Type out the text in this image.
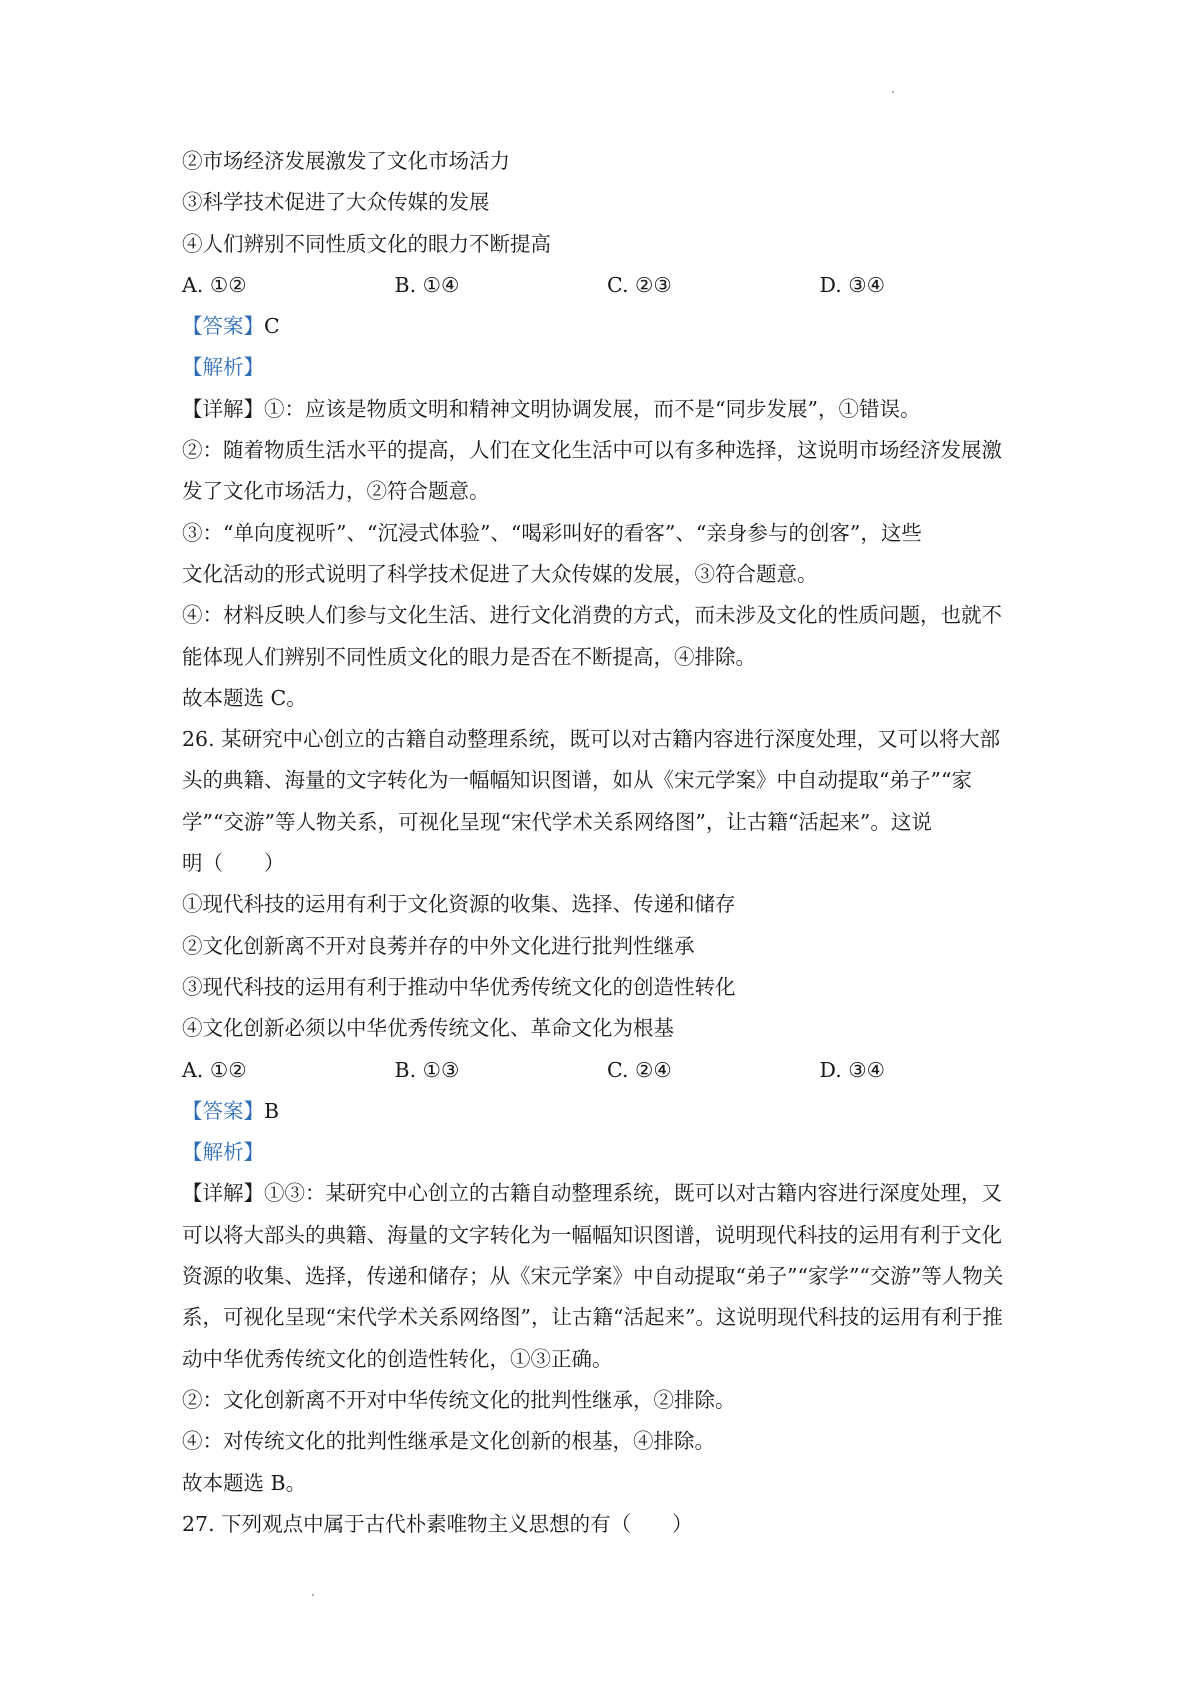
②市场经济发展激发了文化市场活力
③科学技术促进了大众传媒的发展
④人们辨别不同性质文化的眼力不断提高
A. ①②	B. ①④	C. ②③	D. ③④
【答案】C
【解析】
【详解】①：应该是物质文明和精神文明协调发展，而不是“同步发展”，①错误。
②：随着物质生活水平的提高，人们在文化生活中可以有多种选择，这说明市场经济发展激
发了文化市场活力，②符合题意。
③：“单向度视听”、“沉浸式体验”、“喝彩叫好的看客”、“亲身参与的创客”，这些
文化活动的形式说明了科学技术促进了大众传媒的发展，③符合题意。
④：材料反映人们参与文化生活、进行文化消费的方式，而未涉及文化的性质问题，也就不
能体现人们辨别不同性质文化的眼力是否在不断提高，④排除。
故本题选 C。
26. 某研究中心创立的古籍自动整理系统，既可以对古籍内容进行深度处理，又可以将大部
头的典籍、海量的文字转化为一幅幅知识图谱，如从《宋元学案》中自动提取“弟子”“家
学”“交游”等人物关系，可视化呈现“宋代学术关系网络图”，让古籍“活起来”。这说
明（　　）
①现代科技的运用有利于文化资源的收集、选择、传递和储存
②文化创新离不开对良莠并存的中外文化进行批判性继承
③现代科技的运用有利于推动中华优秀传统文化的创造性转化
④文化创新必须以中华优秀传统文化、革命文化为根基
A. ①②	B. ①③	C. ②④	D. ③④
【答案】B
【解析】
【详解】①③：某研究中心创立的古籍自动整理系统，既可以对古籍内容进行深度处理，又
可以将大部头的典籍、海量的文字转化为一幅幅知识图谱，说明现代科技的运用有利于文化
资源的收集、选择，传递和储存；从《宋元学案》中自动提取“弟子”“家学”“交游”等人物关
系，可视化呈现“宋代学术关系网络图”，让古籍“活起来”。这说明现代科技的运用有利于推
动中华优秀传统文化的创造性转化，①③正确。
②：文化创新离不开对中华传统文化的批判性继承，②排除。
④：对传统文化的批判性继承是文化创新的根基，④排除。
故本题选 B。
27. 下列观点中属于古代朴素唯物主义思想的有（　　）
